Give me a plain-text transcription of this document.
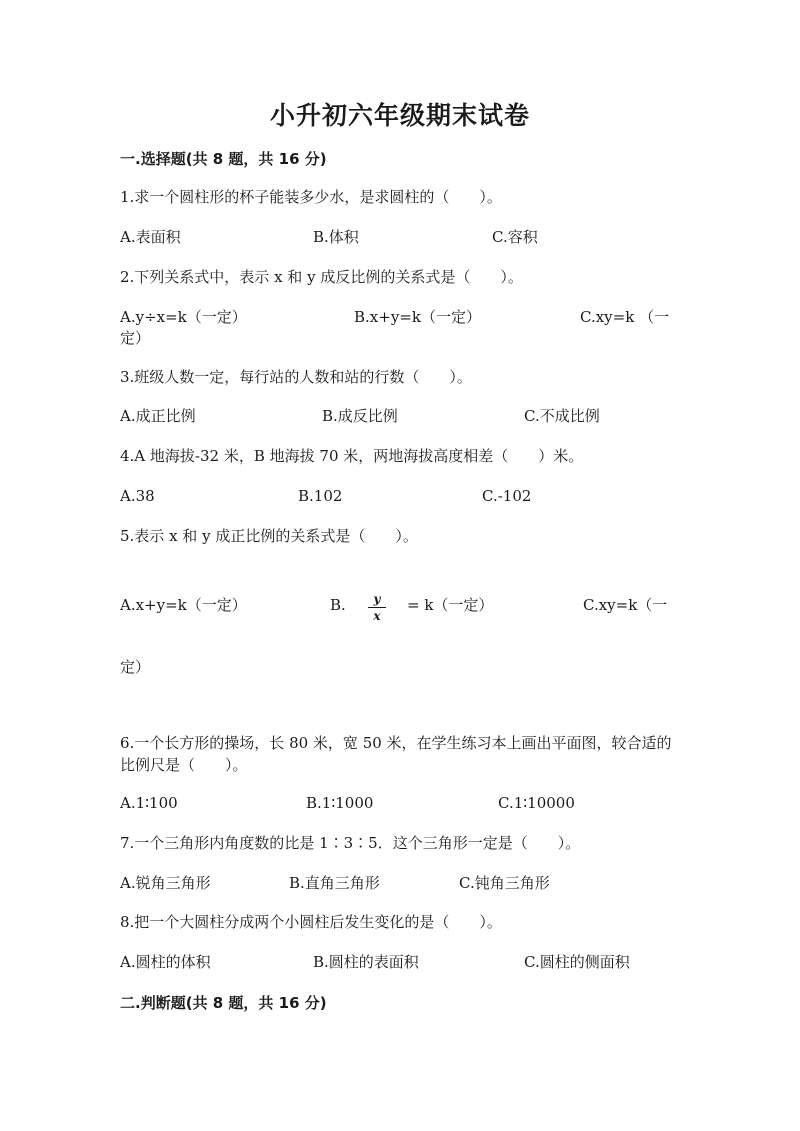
小升初六年级期末试卷
一.选择题(共 8 题，共 16 分)
1.求一个圆柱形的杯子能装多少水，是求圆柱的（　　）。
A.表面积	B.体积	C.容积
2.下列关系式中，表示 x 和 y 成反比例的关系式是（　　）。
A.y÷x=k（一定）	B.x+y=k（一定）	C.xy=k （一
定）
3.班级人数一定，每行站的人数和站的行数（　　）。
A.成正比例	B.成反比例	C.不成比例
4.A 地海拔-32 米，B 地海拔 70 米，两地海拔高度相差（　　）米。
A.38	B.102	C.-102
5.表示 x 和 y 成正比例的关系式是（　　）。
A.x+y=k（一定）	B.	y
x
= k（一定）	C.xy=k（一
定）
6.一个长方形的操场，长 80 米，宽 50 米，在学生练习本上画出平面图，较合适的比例尺是（　　）。
A.1∶100	B.1∶1000	C.1∶10000
7.一个三角形内角度数的比是 1∶3∶5．这个三角形一定是（　　）。
A.锐角三角形	B.直角三角形	C.钝角三角形
8.把一个大圆柱分成两个小圆柱后发生变化的是（　　）。
A.圆柱的体积	B.圆柱的表面积	C.圆柱的侧面积
二.判断题(共 8 题，共 16 分)
